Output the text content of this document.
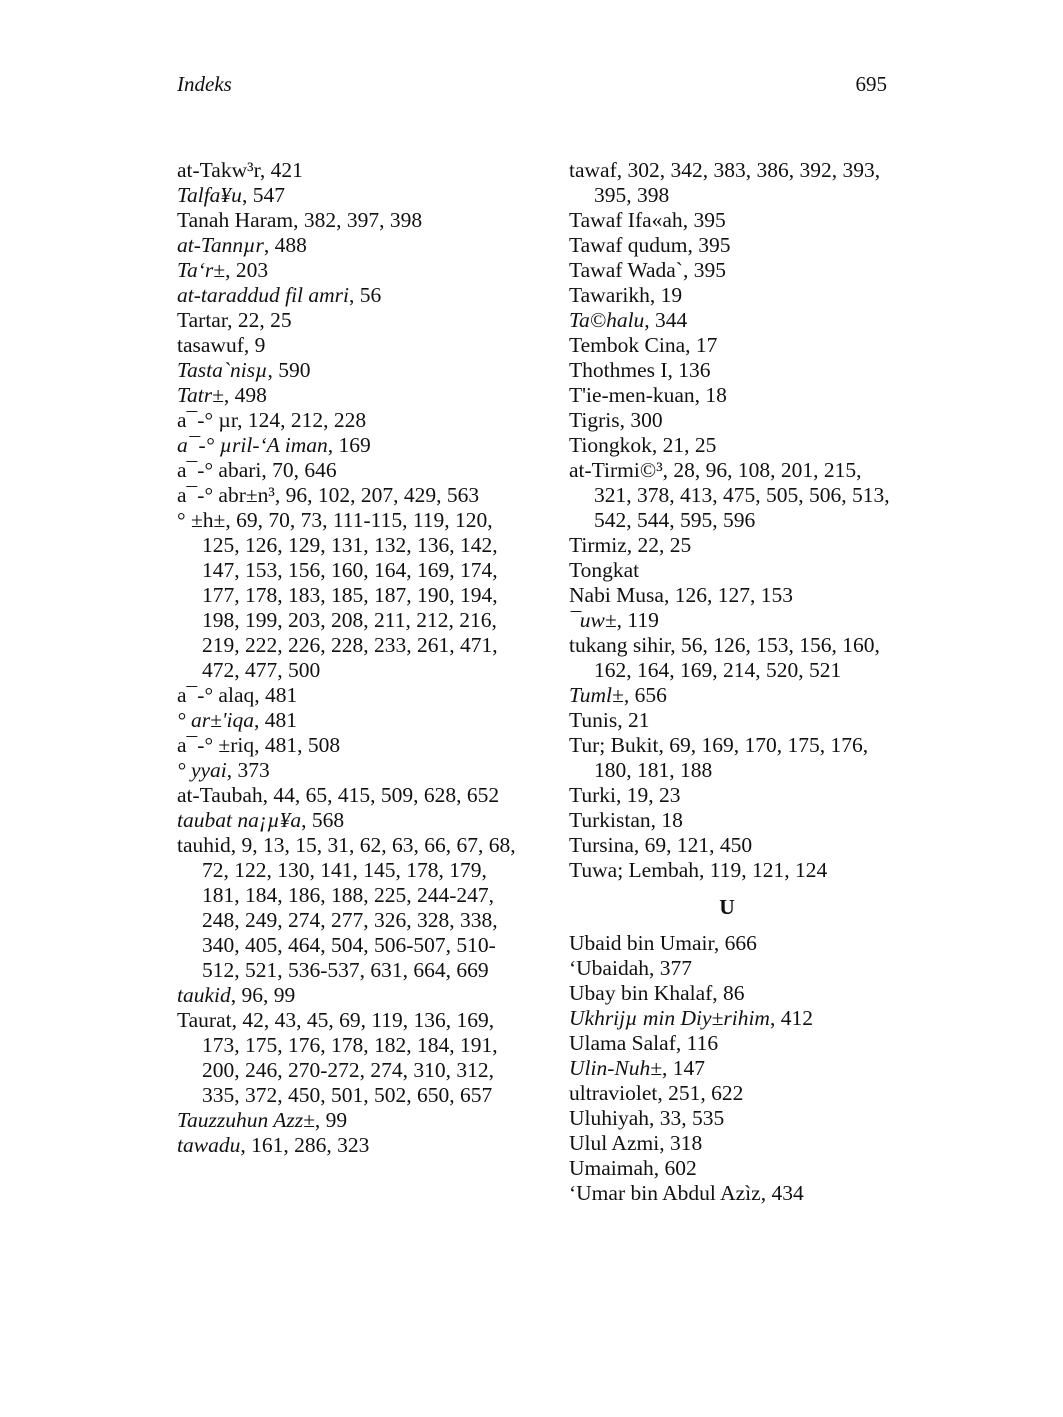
Indeks	695
at-Takw³r, 421
Talfa¥u, 547
Tanah Haram, 382, 397, 398
at-Tannµr, 488
Ta‘r±, 203
at-taraddud fil amri, 56
Tartar, 22, 25
tasawuf, 9
Tasta`nisµ, 590
Tatr±, 498
a¯-° µr, 124, 212, 228
a¯-° µril-‘A iman, 169
a¯-° abari, 70, 646
a¯-° abr±n³, 96, 102, 207, 429, 563
° ±h±, 69, 70, 73, 111-115, 119, 120, 125, 126, 129, 131, 132, 136, 142, 147, 153, 156, 160, 164, 169, 174, 177, 178, 183, 185, 187, 190, 194, 198, 199, 203, 208, 211, 212, 216, 219, 222, 226, 228, 233, 261, 471, 472, 477, 500
a¯-° alaq, 481
° ar±'iqa, 481
a¯-° ±riq, 481, 508
° yyai, 373
at-Taubah, 44, 65, 415, 509, 628, 652
taubat na¡µ¥a, 568
tauhid, 9, 13, 15, 31, 62, 63, 66, 67, 68, 72, 122, 130, 141, 145, 178, 179, 181, 184, 186, 188, 225, 244-247, 248, 249, 274, 277, 326, 328, 338, 340, 405, 464, 504, 506-507, 510-512, 521, 536-537, 631, 664, 669
taukid, 96, 99
Taurat, 42, 43, 45, 69, 119, 136, 169, 173, 175, 176, 178, 182, 184, 191, 200, 246, 270-272, 274, 310, 312, 335, 372, 450, 501, 502, 650, 657
Tauzzuhun Azz±, 99
tawadu, 161, 286, 323
tawaf, 302, 342, 383, 386, 392, 393, 395, 398
Tawaf Ifa«ah, 395
Tawaf qudum, 395
Tawaf Wada`, 395
Tawarikh, 19
Ta©halu, 344
Tembok Cina, 17
Thothmes I, 136
T'ie-men-kuan, 18
Tigris, 300
Tiongkok, 21, 25
at-Tirmi©³, 28, 96, 108, 201, 215, 321, 378, 413, 475, 505, 506, 513, 542, 544, 595, 596
Tirmiz, 22, 25
Tongkat
Nabi Musa, 126, 127, 153
¯uw±, 119
tukang sihir, 56, 126, 153, 156, 160, 162, 164, 169, 214, 520, 521
Tuml±, 656
Tunis, 21
Tur; Bukit, 69, 169, 170, 175, 176, 180, 181, 188
Turki, 19, 23
Turkistan, 18
Tursina, 69, 121, 450
Tuwa; Lembah, 119, 121, 124
U
Ubaid bin Umair, 666
‘Ubaidah, 377
Ubay bin Khalaf, 86
Ukhrijµ min Diy±rihim, 412
Ulama Salaf, 116
Ulin-Nuh±, 147
ultraviolet, 251, 622
Uluhiyah, 33, 535
Ulul Azmi, 318
Umaimah, 602
‘Umar bin Abdul Azìz, 434
